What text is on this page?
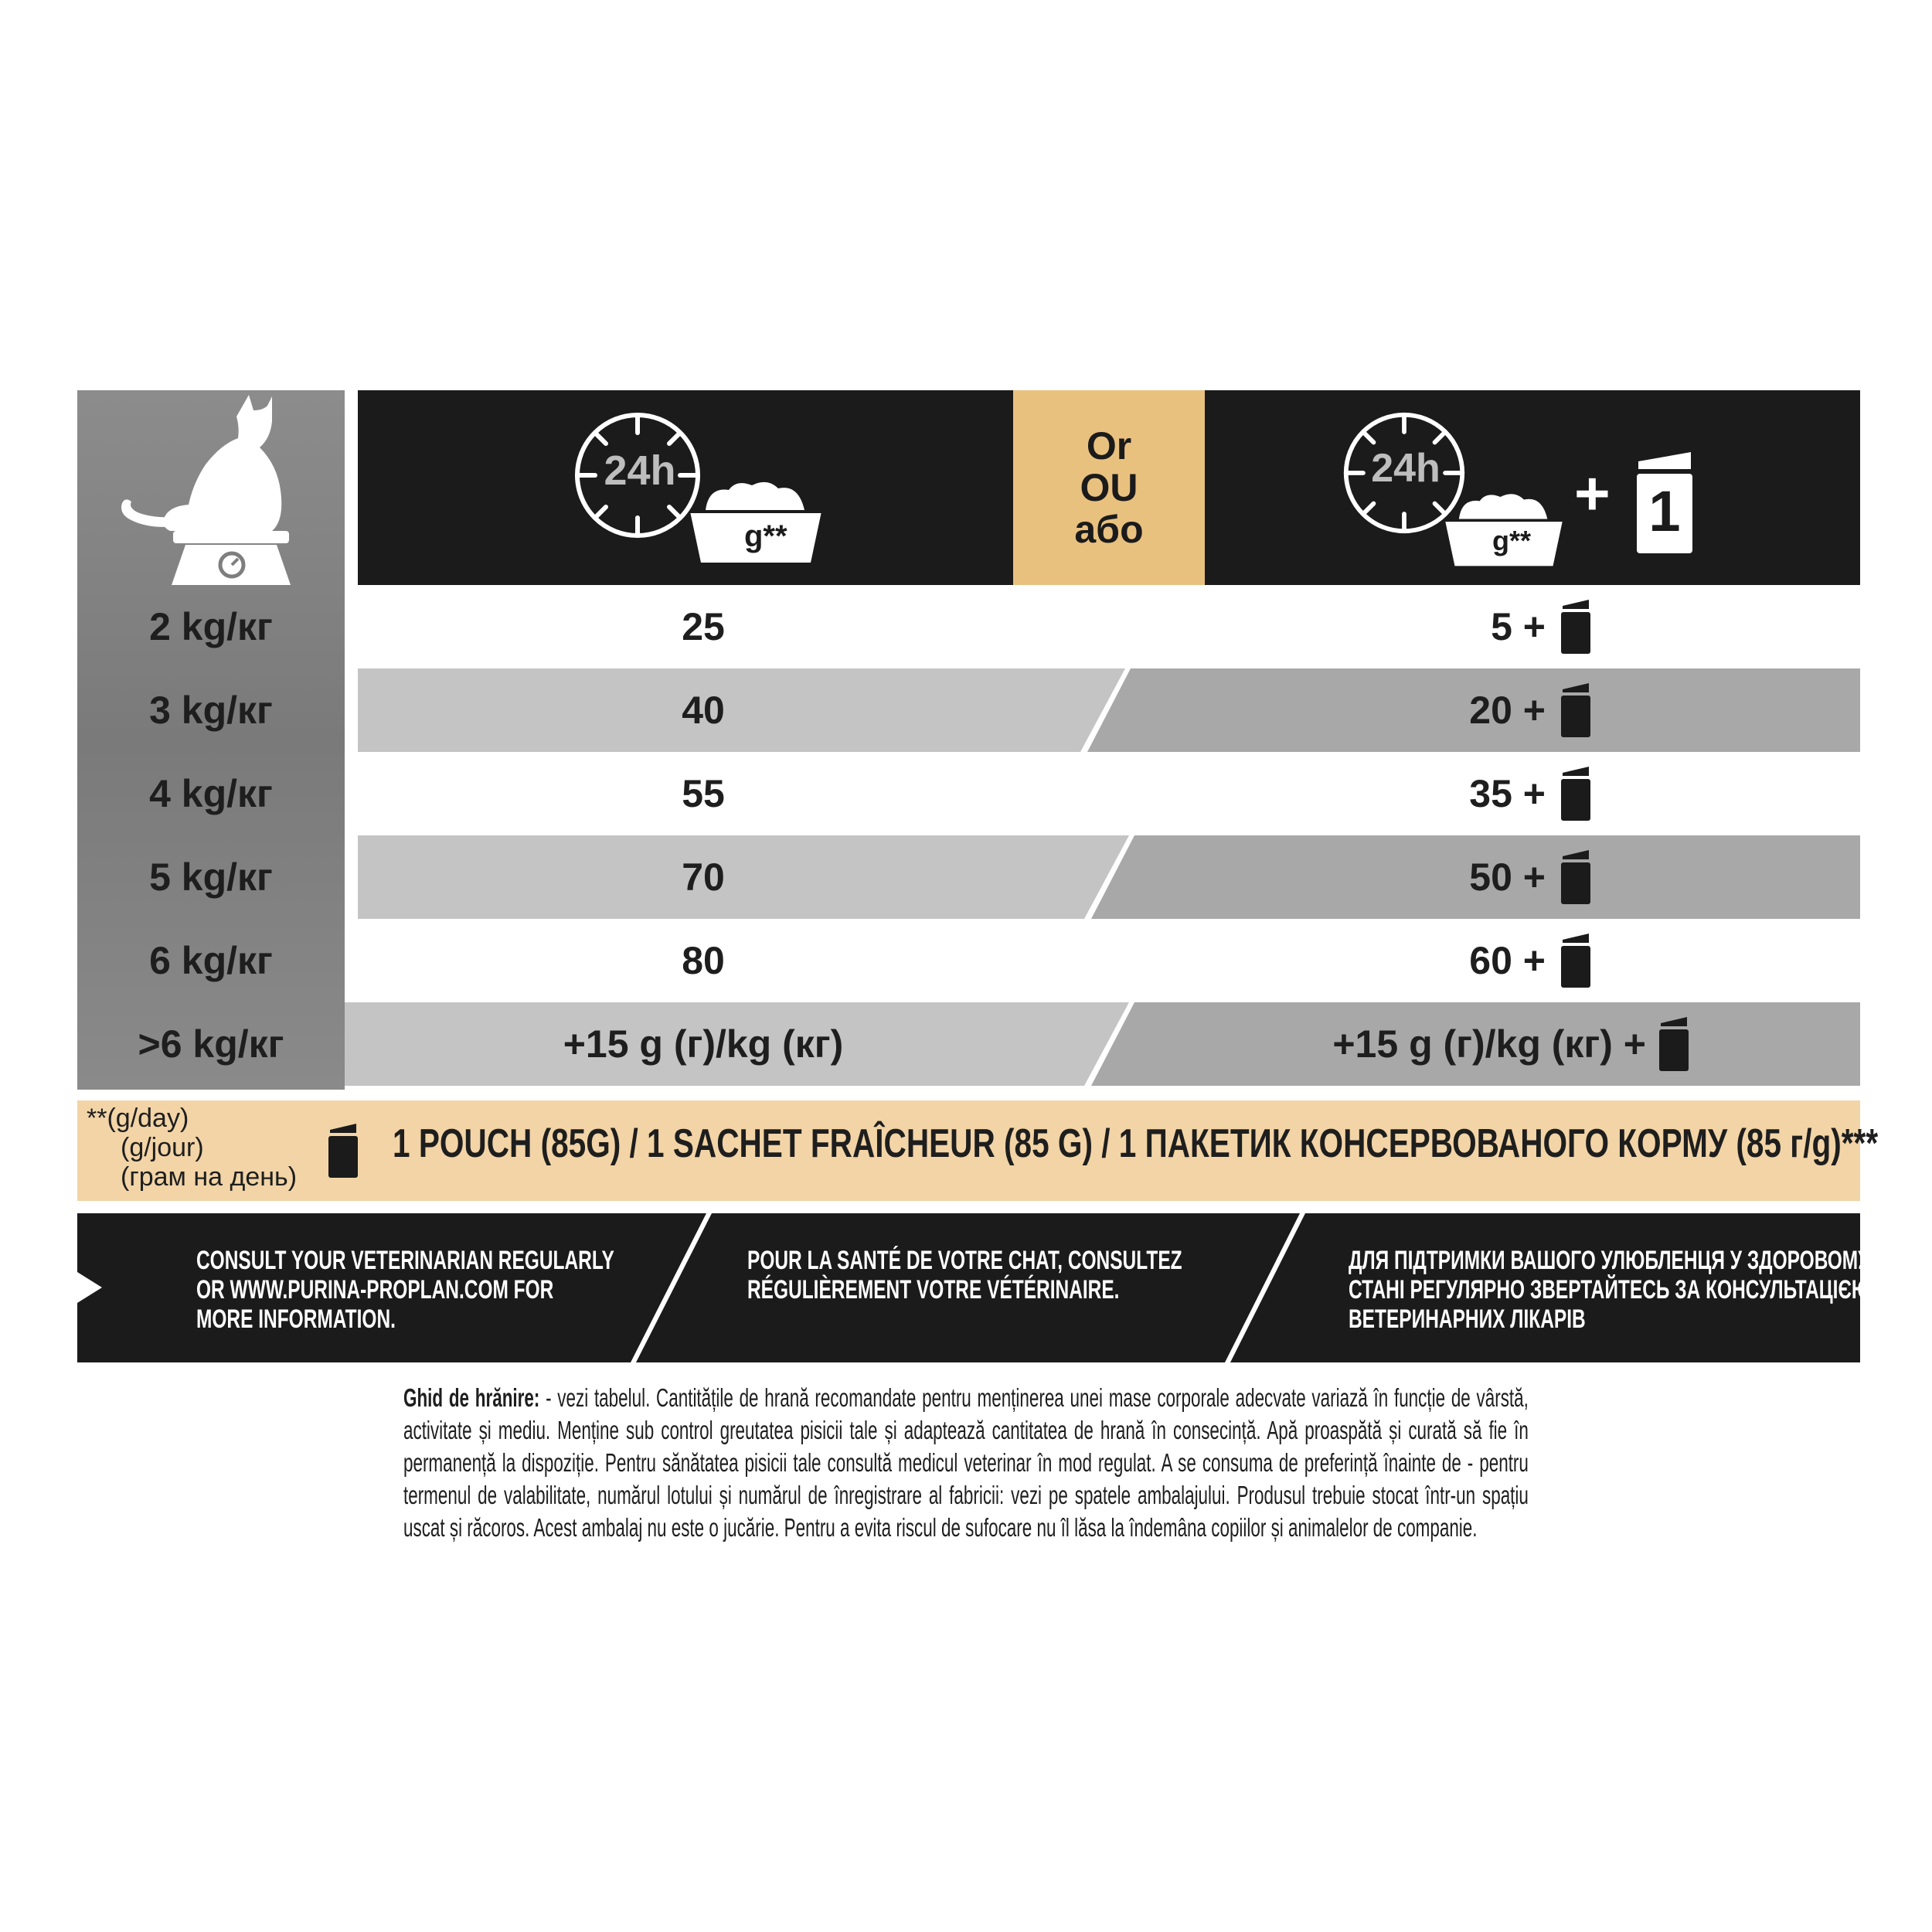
24h
g**
Or
OU
або
24h
g**
+ 1
2 kg/кг
3 kg/кг
4 kg/кг
5 kg/кг
6 kg/кг
>6 kg/кг
25
40
55
70
80
+15 g (г)/kg (кг)
5 +
20 +
35 +
50 +
60 +
+15 g (г)/kg (кг) +
**(g/day)
(g/jour)
(грам на день)
1 POUCH (85G) / 1 SACHET FRAÎCHEUR (85 G) / 1 ПАКЕТИК КОНСЕРВОВАНОГО КОРМУ (85 г/g)***
CONSULT YOUR VETERINARIAN REGULARLY
OR WWW.PURINA-PROPLAN.COM FOR
MORE INFORMATION.
POUR LA SANTÉ DE VOTRE CHAT, CONSULTEZ
RÉGULIÈREMENT VOTRE VÉTÉRINAIRE.
ДЛЯ ПІДТРИМКИ ВАШОГО УЛЮБЛЕНЦЯ У ЗДОРОВОМУ
СТАНІ РЕГУЛЯРНО ЗВЕРТАЙТЕСЬ ЗА КОНСУЛЬТАЦІЄЮ ДО
ВЕТЕРИНАРНИХ ЛІКАРІВ
Ghid de hrănire: - vezi tabelul. Cantitățile de hrană recomandate pentru menținerea unei mase corporale adecvate variază în funcție de vârstă, activitate și mediu. Menține sub control greutatea pisicii tale și adaptează cantitatea de hrană în consecință. Apă proaspătă și curată să fie în permanență la dispoziție. Pentru sănătatea pisicii tale consultă medicul veterinar în mod regulat. A se consuma de preferință înainte de - pentru termenul de valabilitate, numărul lotului și numărul de înregistrare al fabricii: vezi pe spatele ambalajului. Produsul trebuie stocat într-un spațiu uscat și răcoros. Acest ambalaj nu este o jucărie. Pentru a evita riscul de sufocare nu îl lăsa la îndemâna copiilor și animalelor de companie.
